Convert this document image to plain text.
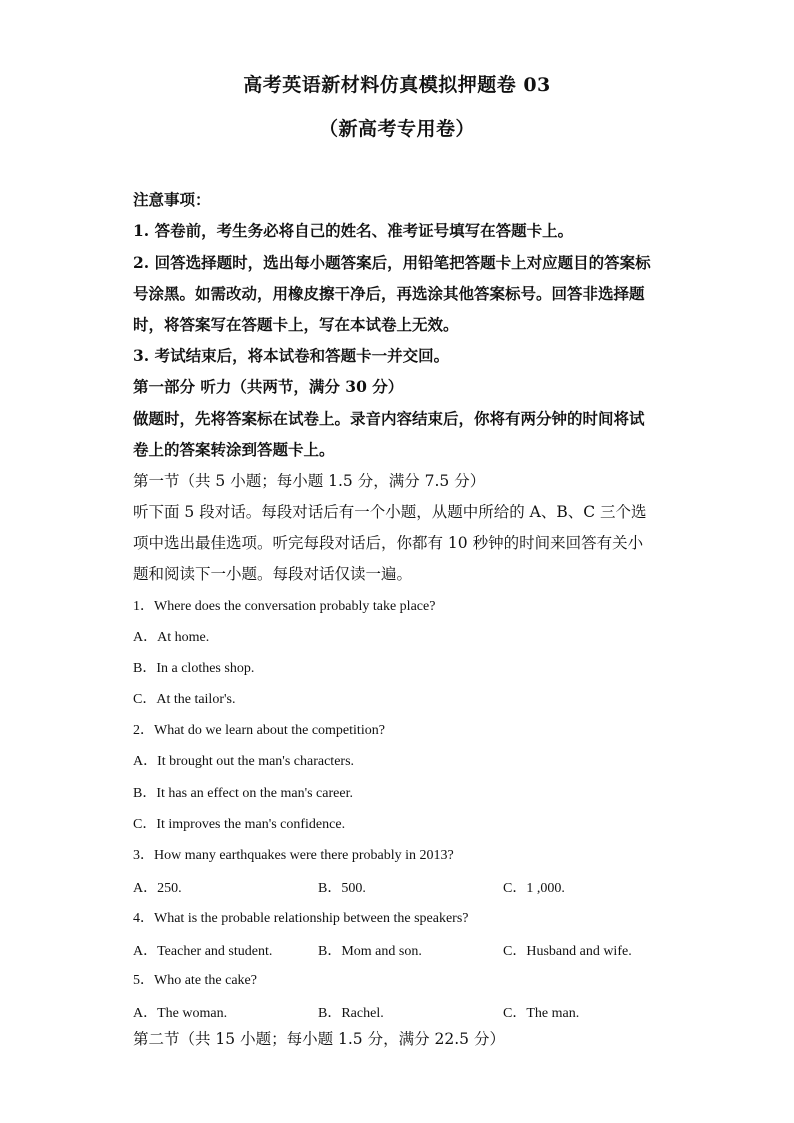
高考英语新材料仿真模拟押题卷 03
（新高考专用卷）
注意事项：
1. 答卷前，考生务必将自己的姓名、准考证号填写在答题卡上。
2. 回答选择题时，选出每小题答案后，用铅笔把答题卡上对应题目的答案标
号涂黑。如需改动，用橡皮擦干净后，再选涂其他答案标号。回答非选择题
时，将答案写在答题卡上，写在本试卷上无效。
3. 考试结束后，将本试卷和答题卡一并交回。
第一部分 听力（共两节，满分 30 分）
做题时，先将答案标在试卷上。录音内容结束后，你将有两分钟的时间将试
卷上的答案转涂到答题卡上。
第一节（共 5 小题；每小题 1.5 分，满分 7.5 分）
听下面 5 段对话。每段对话后有一个小题，从题中所给的 A、B、C 三个选
项中选出最佳选项。听完每段对话后，你都有 10 秒钟的时间来回答有关小
题和阅读下一小题。每段对话仅读一遍。
1．Where does the conversation probably take place?
A．At home.
B．In a clothes shop.
C．At the tailor's.
2．What do we learn about the competition?
A．It brought out the man's characters.
B．It has an effect on the man's career.
C．It improves the man's confidence.
3．How many earthquakes were there probably in 2013?
A．250.	B．500.	C．1 ,000.
4．What is the probable relationship between the speakers?
A．Teacher and student.	B．Mom and son.	C．Husband and wife.
5．Who ate the cake?
A．The woman.	B．Rachel.	C．The man.
第二节（共 15 小题；每小题 1.5 分，满分 22.5 分）
